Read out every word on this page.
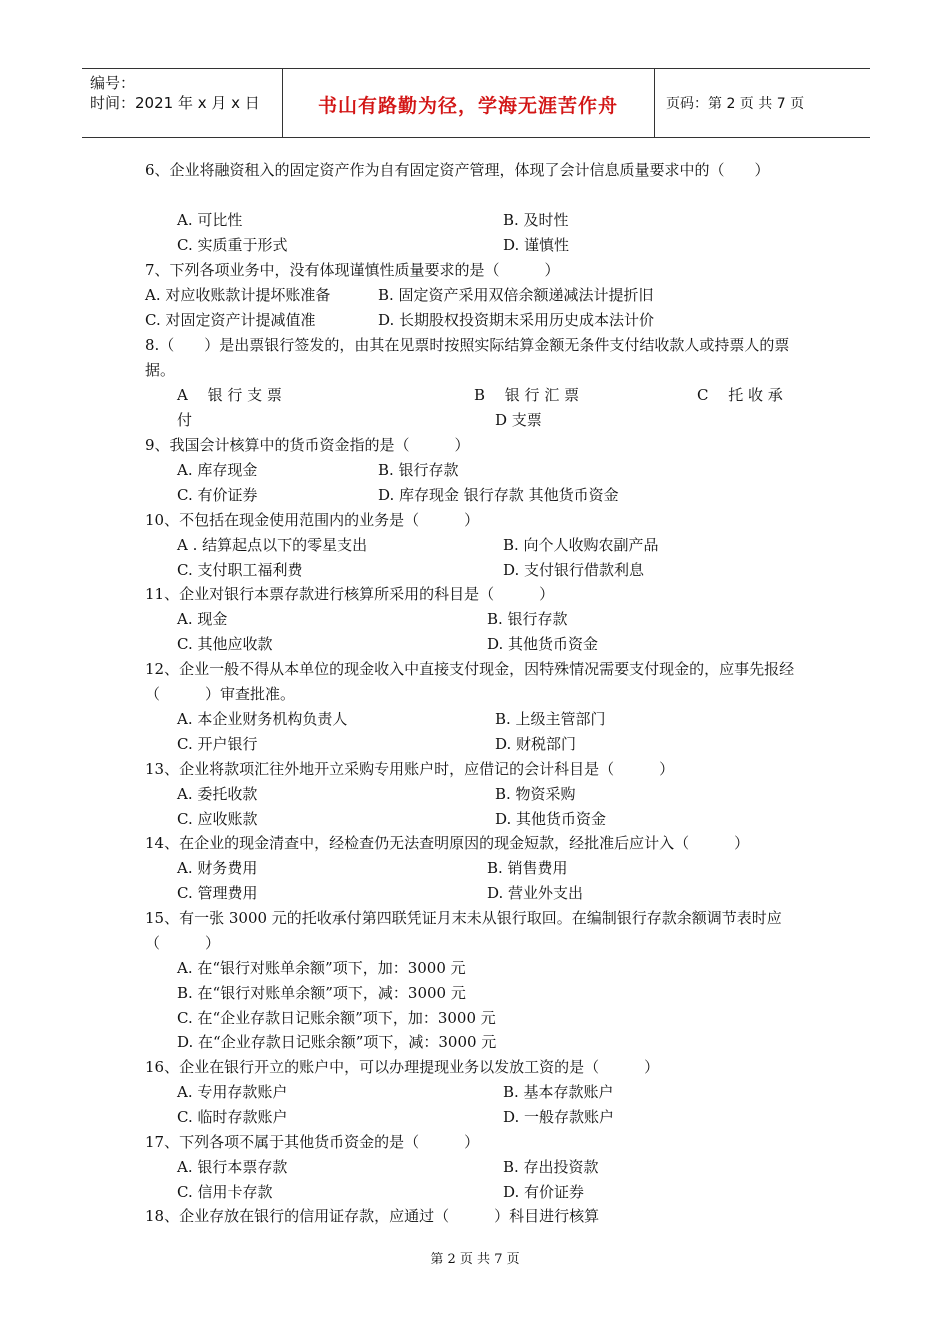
编号：
时间：2021 年 x 月 x 日	书山有路勤为径，学海无涯苦作舟	页码：第 2 页 共 7 页
6、企业将融资租入的固定资产作为自有固定资产管理，体现了会计信息质量要求中的（　　）
A. 可比性	B. 及时性
C. 实质重于形式	D. 谨慎性
7、下列各项业务中，没有体现谨慎性质量要求的是（　　　）
A. 对应收账款计提坏账准备	B. 固定资产采用双倍余额递减法计提折旧
C. 对固定资产计提减值准	D. 长期股权投资期末采用历史成本法计价
8.（　　）是出票银行签发的，由其在见票时按照实际结算金额无条件支付结收款人或持票人的票据。
A　 银 行 支 票	B　 银 行 汇 票	C　 托 收 承
付	D 支票
9、我国会计核算中的货币资金指的是（　　　）
A. 库存现金	B. 银行存款
C. 有价证券	D. 库存现金 银行存款 其他货币资金
10、不包括在现金使用范围内的业务是（　　　）
A . 结算起点以下的零星支出	B. 向个人收购农副产品
C. 支付职工福利费	D. 支付银行借款利息
11、企业对银行本票存款进行核算所采用的科目是（　　　）
A. 现金	B. 银行存款
C. 其他应收款	D. 其他货币资金
12、企业一般不得从本单位的现金收入中直接支付现金，因特殊情况需要支付现金的，应事先报经（　　　）审查批准。
A. 本企业财务机构负责人	B. 上级主管部门
C. 开户银行	D. 财税部门
13、企业将款项汇往外地开立采购专用账户时，应借记的会计科目是（　　　）
A. 委托收款	B. 物资采购
C. 应收账款	D. 其他货币资金
14、在企业的现金清查中，经检查仍无法查明原因的现金短款，经批准后应计入（　　　）
A. 财务费用	B. 销售费用
C. 管理费用	D. 营业外支出
15、有一张 3000 元的托收承付第四联凭证月末未从银行取回。在编制银行存款余额调节表时应（　　　）
A. 在“银行对账单余额”项下，加：3000 元
B. 在“银行对账单余额”项下，减：3000 元
C. 在“企业存款日记账余额”项下，加：3000 元
D. 在“企业存款日记账余额”项下，减：3000 元
16、企业在银行开立的账户中，可以办理提现业务以发放工资的是（　　　）
A. 专用存款账户	B. 基本存款账户
C. 临时存款账户	D. 一般存款账户
17、下列各项不属于其他货币资金的是（　　　）
A. 银行本票存款	B. 存出投资款
C. 信用卡存款	D. 有价证券
18、企业存放在银行的信用证存款，应通过（　　　）科目进行核算
第 2 页 共 7 页
